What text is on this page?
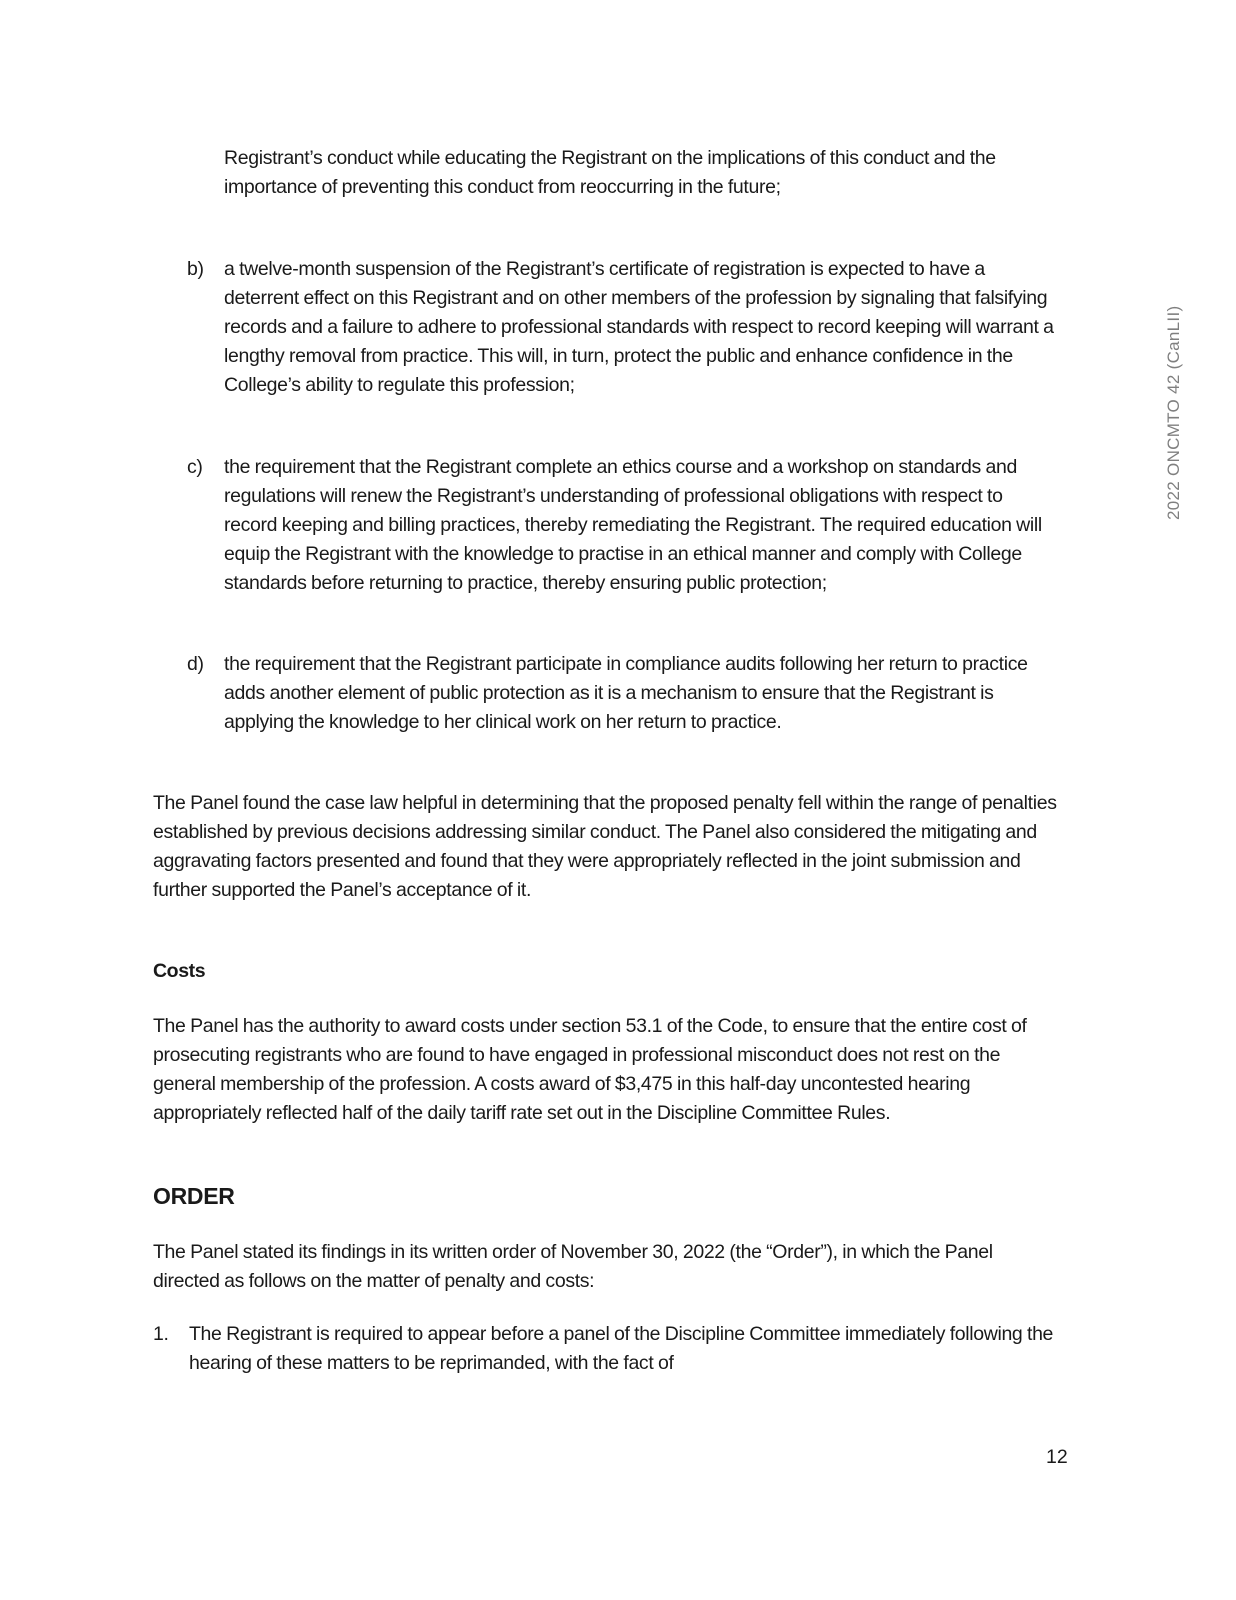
2022 ONCMTO 42 (CanLII)
Registrant’s conduct while educating the Registrant on the implications of this conduct and the importance of preventing this conduct from reoccurring in the future;
b) a twelve-month suspension of the Registrant’s certificate of registration is expected to have a deterrent effect on this Registrant and on other members of the profession by signaling that falsifying records and a failure to adhere to professional standards with respect to record keeping will warrant a lengthy removal from practice. This will, in turn, protect the public and enhance confidence in the College’s ability to regulate this profession;
c) the requirement that the Registrant complete an ethics course and a workshop on standards and regulations will renew the Registrant’s understanding of professional obligations with respect to record keeping and billing practices, thereby remediating the Registrant. The required education will equip the Registrant with the knowledge to practise in an ethical manner and comply with College standards before returning to practice, thereby ensuring public protection;
d) the requirement that the Registrant participate in compliance audits following her return to practice adds another element of public protection as it is a mechanism to ensure that the Registrant is applying the knowledge to her clinical work on her return to practice.
The Panel found the case law helpful in determining that the proposed penalty fell within the range of penalties established by previous decisions addressing similar conduct. The Panel also considered the mitigating and aggravating factors presented and found that they were appropriately reflected in the joint submission and further supported the Panel’s acceptance of it.
Costs
The Panel has the authority to award costs under section 53.1 of the Code, to ensure that the entire cost of prosecuting registrants who are found to have engaged in professional misconduct does not rest on the general membership of the profession. A costs award of $3,475 in this half-day uncontested hearing appropriately reflected half of the daily tariff rate set out in the Discipline Committee Rules.
ORDER
The Panel stated its findings in its written order of November 30, 2022 (the “Order”), in which the Panel directed as follows on the matter of penalty and costs:
1. The Registrant is required to appear before a panel of the Discipline Committee immediately following the hearing of these matters to be reprimanded, with the fact of
12
